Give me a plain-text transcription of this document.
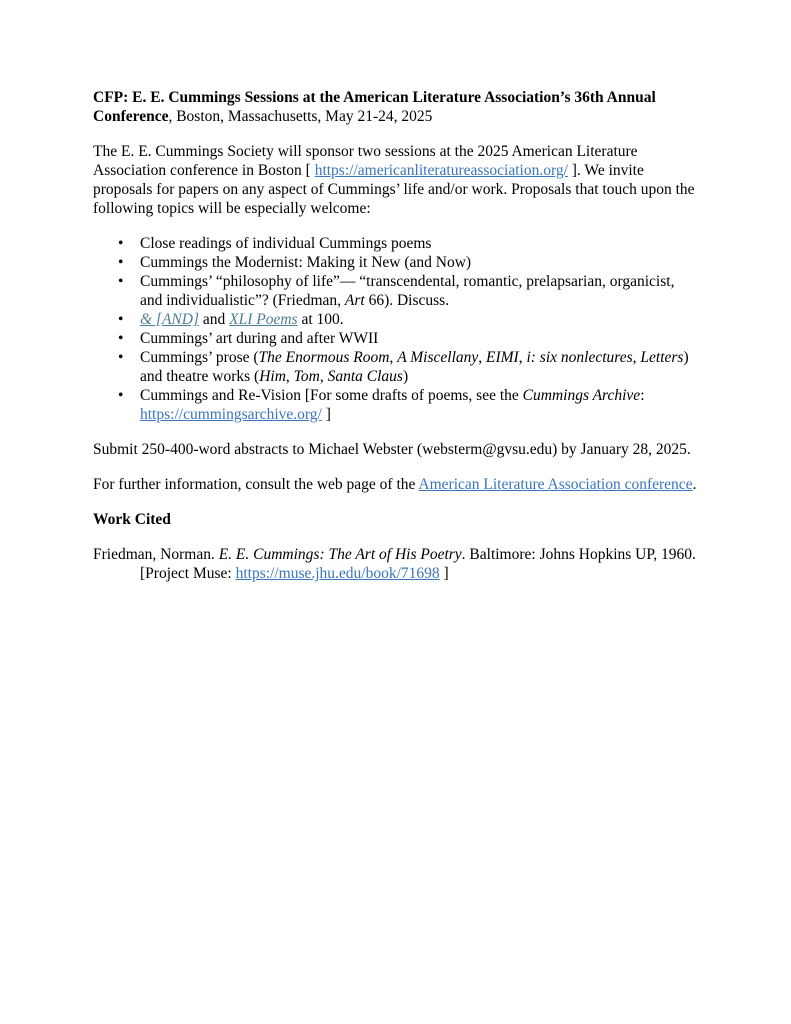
CFP: E. E. Cummings Sessions at the American Literature Association’s 36th Annual Conference, Boston, Massachusetts, May 21-24, 2025

The E. E. Cummings Society will sponsor two sessions at the 2025 American Literature Association conference in Boston [ https://americanliteratureassociation.org/ ]. We invite proposals for papers on any aspect of Cummings’ life and/or work. Proposals that touch upon the following topics will be especially welcome:

• Close readings of individual Cummings poems
• Cummings the Modernist: Making it New (and Now)
• Cummings’ “philosophy of life”— “transcendental, romantic, prelapsarian, organicist, and individualistic”? (Friedman, Art 66). Discuss.
• & [AND] and XLI Poems at 100.
• Cummings’ art during and after WWII
• Cummings’ prose (The Enormous Room, A Miscellany, EIMI, i: six nonlectures, Letters) and theatre works (Him, Tom, Santa Claus)
• Cummings and Re-Vision [For some drafts of poems, see the Cummings Archive: https://cummingsarchive.org/ ]

Submit 250-400-word abstracts to Michael Webster (websterm@gvsu.edu) by January 28, 2025.

For further information, consult the web page of the American Literature Association conference.

Work Cited

Friedman, Norman. E. E. Cummings: The Art of His Poetry. Baltimore: Johns Hopkins UP, 1960. [Project Muse: https://muse.jhu.edu/book/71698 ]
